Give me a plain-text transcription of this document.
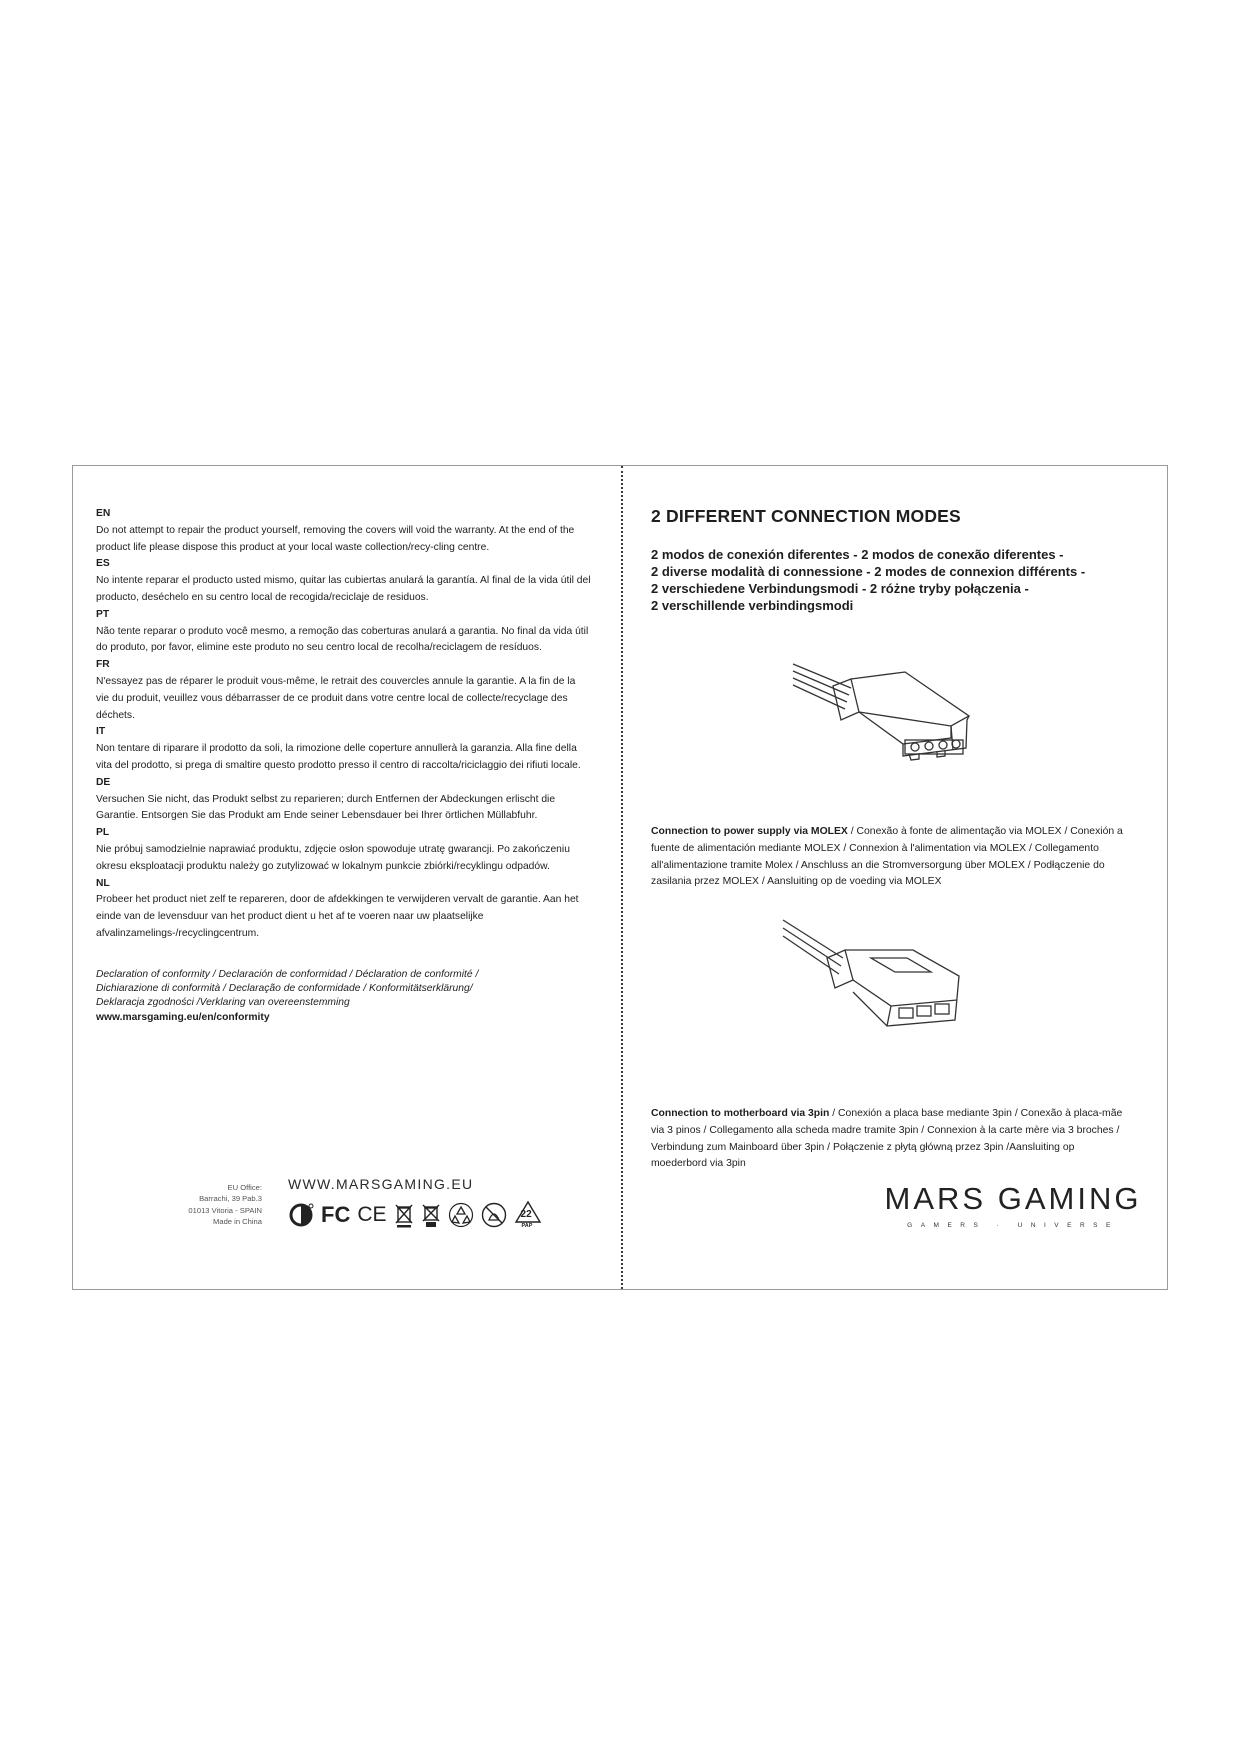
EN
Do not attempt to repair the product yourself, removing the covers will void the warranty. At the end of the product life please dispose this product at your local waste collection/recy-cling centre.
ES
No intente reparar el producto usted mismo, quitar las cubiertas anulará la garantía. Al final de la vida útil del producto, deséchelo en su centro local de recogida/reciclaje de residuos.
PT
Não tente reparar o produto você mesmo, a remoção das coberturas anulará a garantia. No final da vida útil do produto, por favor, elimine este produto no seu centro local de recolha/reciclagem de resíduos.
FR
N'essayez pas de réparer le produit vous-même, le retrait des couvercles annule la garantie. A la fin de la vie du produit, veuillez vous débarrasser de ce produit dans votre centre local de collecte/recyclage des déchets.
IT
Non tentare di riparare il prodotto da soli, la rimozione delle coperture annullerà la garanzia. Alla fine della vita del prodotto, si prega di smaltire questo prodotto presso il centro di raccolta/riciclaggio dei rifiuti locale.
DE
Versuchen Sie nicht, das Produkt selbst zu reparieren; durch Entfernen der Abdeckungen erlischt die Garantie. Entsorgen Sie das Produkt am Ende seiner Lebensdauer bei Ihrer örtlichen Müllabfuhr.
PL
Nie próbuj samodzielnie naprawiać produktu, zdjęcie osłon spowoduje utratę gwarancji. Po zakończeniu okresu eksploatacji produktu należy go zutylizować w lokalnym punkcie zbiórki/recyklingu odpadów.
NL
Probeer het product niet zelf te repareren, door de afdekkingen te verwijderen vervalt de garantie. Aan het einde van de levensduur van het product dient u het af te voeren naar uw plaatselijke afvalinzamelings-/recyclingcentrum.
Declaration of conformity / Declaración de conformidad / Déclaration de conformité /
Dichiarazione di conformità / Declaração de conformidade / Konformitätserklärung/
Deklaracja zgodności /Verklaring van overeenstemming
www.marsgaming.eu/en/conformity
EU Office:
Barrachi, 39 Pab.3
01013 Vitoria - SPAIN
Made in China
WWW.MARSGAMING.EU
FC CE	22
PAP
2 DIFFERENT CONNECTION MODES
2 modos de conexión diferentes - 2 modos de conexão diferentes -
2 diverse modalità di connessione - 2 modes de connexion différents -
2 verschiedene Verbindungsmodi - 2 różne tryby połączenia -
2 verschillende verbindingsmodi
Connection to power supply via MOLEX / Conexão à fonte de alimentação via MOLEX / Conexión a fuente de alimentación mediante MOLEX / Connexion à l'alimentation via MOLEX / Collegamento all'alimentazione tramite Molex / Anschluss an die Stromversorgung über MOLEX / Podłączenie do zasilania przez MOLEX / Aansluiting op de voeding via MOLEX
Connection to motherboard via 3pin / Conexión a placa base mediante 3pin / Conexão à placa-mãe via 3 pinos / Collegamento alla scheda madre tramite 3pin / Connexion à la carte mère via 3 broches / Verbindung zum Mainboard über 3pin / Połączenie z płytą główną przez 3pin /Aansluiting op moederbord via 3pin
MARS GAMING
GAMERS · UNIVERSE
